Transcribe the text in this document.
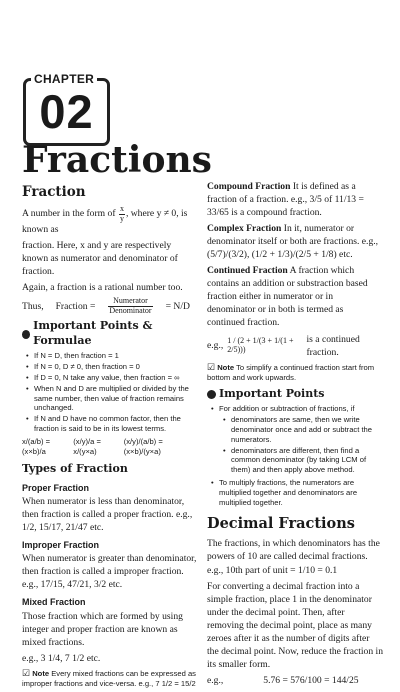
CHAPTER
02
Fractions
Fraction

A number in the form of $\frac{x}{y}$ , where y ≠ 0, is known as

fraction. Here, x and y are respectively known as numerator and denominator of fraction.

Again, a fraction is a rational number too.

Thus, Fraction =	Numerator
Denominator = N/D

Important Points & Formulae
• If N = D, then fraction = 1
• If N = 0, D ≠ 0, then fraction = 0
• If D = 0, N take any value, then fraction = ∞
• When N and D are multiplied or divided by the same number, then value of fraction remains unchanged.
• If N and D have no common factor, then the fraction is said to be in its lowest terms.
x/(a/b) = (x×b)/a
(x/y)/a = x/(y×a)
(x/y)/(a/b) = (x×b)/(y×a)
Types of Fraction
Proper Fraction

When numerator is less than denominator, then fraction is called a proper fraction. e.g., 1/2, 15/17, 21/47 etc.

Improper Fraction

When numerator is greater than denominator, then fraction is called a improper fraction. e.g., 17/15, 47/21, 3/2 etc.

Mixed Fraction

Those fraction which are formed by using integer and proper fraction are known as mixed fractions.

e.g., 3 1/4, 7 1/2 etc.

☑ Note Every mixed fractions can be expressed as improper fractions and vice-versa. e.g., 7 1/2 = 15/2

Compound Fraction It is defined as a fraction of a fraction. e.g., 3/5 of 11/13 = 33/65 is a compound fraction.

Complex Fraction In it, numerator or denominator itself or both are fractions. e.g., (5/7)/(3/2), (1/2 + 1/3)/(2/5 + 1/8) etc.

Continued Fraction A fraction which contains an addition or substraction based fraction either in numerator or in denominator or in both is termed as continued fraction.

e.g., 1 / (2 + 1/(3 + 1/(1 + 2/5)))
is a continued fraction.

☑ Note To simplify a continued fraction start from bottom and work upwards.

Important Points
• For addition or subtraction of fractions, if
• denominators are same, then we write denominator once and add or subtract the numerators.
• denominators are different, then find a common denominator (by taking LCM of them) and then apply above method.
• To multiply fractions, the numerators are multiplied together and denominators are multiplied together.
Decimal Fractions

The fractions, in which denominators has the powers of 10 are called decimal fractions. e.g., 10th part of unit = 1/10 = 0.1

For converting a decimal fraction into a simple fraction, place 1 in the denominator under the decimal point. Then, after removing the decimal point, place as many zeroes after it as the number of digits after the decimal point. Now, reduce the fraction in its smaller form.

e.g.,	5.76 = 576/100 = 144/25
